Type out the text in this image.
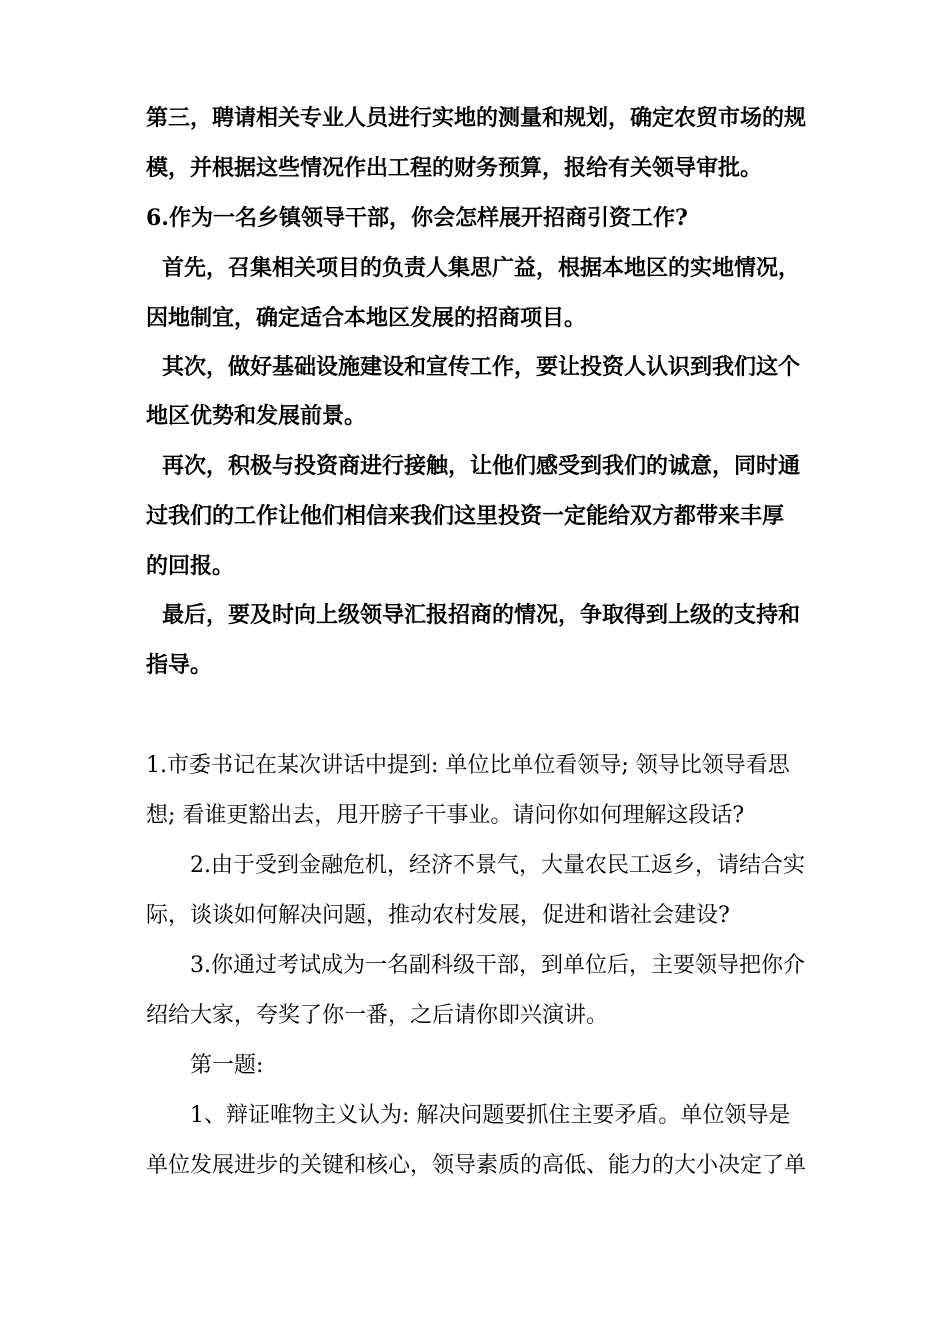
第三，聘请相关专业人员进行实地的测量和规划，确定农贸市场的规
模，并根据这些情况作出工程的财务预算，报给有关领导审批。
6.作为一名乡镇领导干部，你会怎样展开招商引资工作?
首先，召集相关项目的负责人集思广益，根据本地区的实地情况，
因地制宜，确定适合本地区发展的招商项目。
其次，做好基础设施建设和宣传工作，要让投资人认识到我们这个
地区优势和发展前景。
再次，积极与投资商进行接触，让他们感受到我们的诚意，同时通
过我们的工作让他们相信来我们这里投资一定能给双方都带来丰厚
的回报。
最后，要及时向上级领导汇报招商的情况，争取得到上级的支持和
指导。
1.市委书记在某次讲话中提到: 单位比单位看领导; 领导比领导看思
想; 看谁更豁出去，甩开膀子干事业。请问你如何理解这段话?
2.由于受到金融危机，经济不景气，大量农民工返乡，请结合实
际，谈谈如何解决问题，推动农村发展，促进和谐社会建设?
3.你通过考试成为一名副科级干部，到单位后，主要领导把你介
绍给大家，夸奖了你一番，之后请你即兴演讲。
第一题:
1、辩证唯物主义认为: 解决问题要抓住主要矛盾。单位领导是
单位发展进步的关键和核心，领导素质的高低、能力的大小决定了单
